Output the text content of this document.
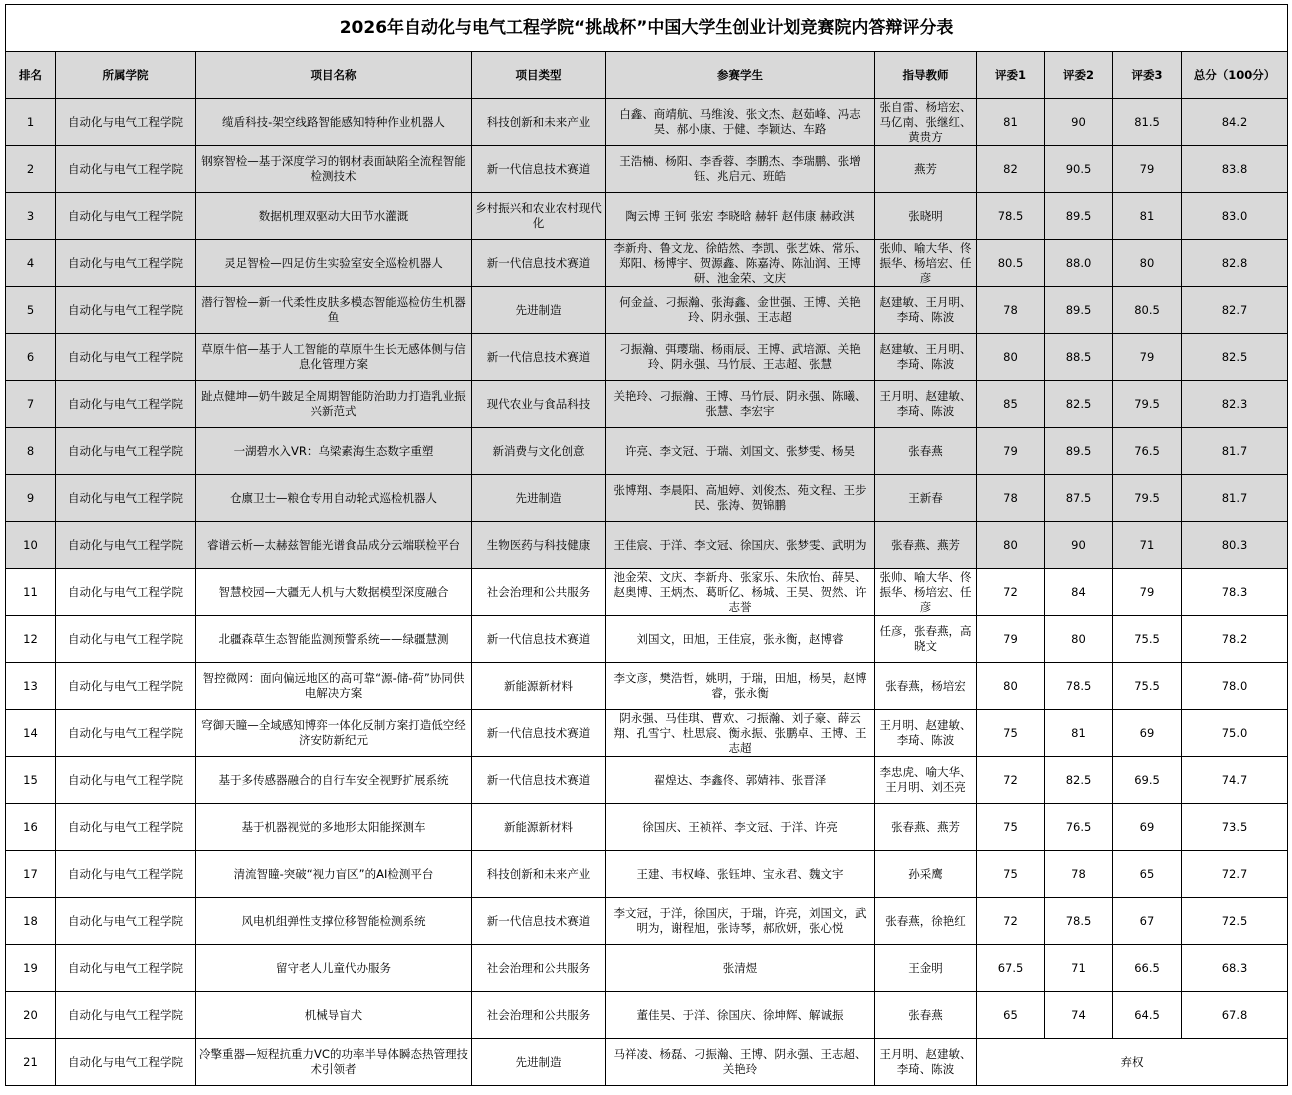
2026年自动化与电气工程学院“挑战杯”中国大学生创业计划竞赛院内答辩评分表									
排名	所属学院	项目名称	项目类型	参赛学生	指导教师	评委1	评委2	评委3	总分（100分）
1	自动化与电气工程学院	缆盾科技-架空线路智能感知特种作业机器人	科技创新和未来产业	白鑫、商靖航、马维浚、张文杰、赵茹峰、冯志昊、郝小康、于健、李颖达、车路	张自雷、杨培宏、马亿南、张继红、黄贵方	81	90	81.5	84.2
2	自动化与电气工程学院	钢察智检—基于深度学习的钢材表面缺陷全流程智能检测技术	新一代信息技术赛道	王浩楠、杨阳、李香蓉、李鹏杰、李瑞鹏、张增钰、兆启元、班皓	燕芳	82	90.5	79	83.8
3	自动化与电气工程学院	数据机理双驱动大田节水灌溉	乡村振兴和农业农村现代化	陶云博 王钶 张宏 李晓晗 赫轩 赵伟康 赫政淇	张晓明	78.5	89.5	81	83.0
4	自动化与电气工程学院	灵足智检—四足仿生实验室安全巡检机器人	新一代信息技术赛道	李新舟、鲁文龙、徐皓然、李凯、张艺姝、常乐、郑阳、杨博宇、贺源鑫、陈嘉涛、陈汕润、王博研、池金荣、文庆	张帅、喻大华、佟振华、杨培宏、任彦	80.5	88.0	80	82.8
5	自动化与电气工程学院	潜行智检—新一代柔性皮肤多模态智能巡检仿生机器鱼	先进制造	何金益、刁振瀚、张海鑫、金世强、王博、关艳玲、阴永强、王志超	赵建敏、王月明、李琦、陈波	78	89.5	80.5	82.7
6	自动化与电气工程学院	草原牛倌—基于人工智能的草原牛生长无感体侧与信息化管理方案	新一代信息技术赛道	刁振瀚、弭璎瑞、杨雨辰、王博、武培源、关艳玲、阴永强、马竹辰、王志超、张慧	赵建敏、王月明、李琦、陈波	80	88.5	79	82.5
7	自动化与电气工程学院	趾点健坤—奶牛跛足全周期智能防治助力打造乳业振兴新范式	现代农业与食品科技	关艳玲、刁振瀚、王博、马竹辰、阴永强、陈曦、张慧、李宏宇	王月明、赵建敏、李琦、陈波	85	82.5	79.5	82.3
8	自动化与电气工程学院	一湖碧水入VR：乌梁素海生态数字重塑	新消费与文化创意	许亮、李文冠、于瑞、刘国文、张梦雯、杨昊	张春燕	79	89.5	76.5	81.7
9	自动化与电气工程学院	仓廪卫士—粮仓专用自动轮式巡检机器人	先进制造	张博翔、李晨阳、高旭婷、刘俊杰、苑文程、王步民、张涛、贺锦鹏	王新春	78	87.5	79.5	81.7
10	自动化与电气工程学院	睿谱云析—太赫兹智能光谱食品成分云端联检平台	生物医药与科技健康	王佳宸、于洋、李文冠、徐国庆、张梦雯、武明为	张春燕、燕芳	80	90	71	80.3
11	自动化与电气工程学院	智慧校园—大疆无人机与大数据模型深度融合	社会治理和公共服务	池金荣、文庆、李新舟、张家乐、朱欣怡、薛昊、赵奥博、王炳杰、葛昕亿、杨城、王昊、贺然、许志誉	张帅、喻大华、佟振华、杨培宏、任彦	72	84	79	78.3
12	自动化与电气工程学院	北疆森草生态智能监测预警系统——绿疆慧测	新一代信息技术赛道	刘国文，田旭，王佳宸，张永衡，赵博睿	任彦，张春燕，高晓文	79	80	75.5	78.2
13	自动化与电气工程学院	智控微网：面向偏远地区的高可靠“源-储-荷”协同供电解决方案	新能源新材料	李文彦，樊浩哲，姚明，于瑞，田旭，杨昊，赵博睿，张永衡	张春燕，杨培宏	80	78.5	75.5	78.0
14	自动化与电气工程学院	穹御天瞳—全域感知博弈一体化反制方案打造低空经济安防新纪元	新一代信息技术赛道	阴永强、马佳琪、曹欢、刁振瀚、刘子豪、薛云翔、孔雪宁、杜思宸、衡永振、张鹏卓、王博、王志超	王月明、赵建敏、李琦、陈波	75	81	69	75.0
15	自动化与电气工程学院	基于多传感器融合的自行车安全视野扩展系统	新一代信息技术赛道	翟煌达、李鑫佟、郭婧祎、张晋泽	李忠虎、喻大华、王月明、刘丕亮	72	82.5	69.5	74.7
16	自动化与电气工程学院	基于机器视觉的多地形太阳能探测车	新能源新材料	徐国庆、王祯祥、李文冠、于洋、许亮	张春燕、燕芳	75	76.5	69	73.5
17	自动化与电气工程学院	清流智瞳-突破“视力盲区”的AI检测平台	科技创新和未来产业	王建、韦权峰、张钰坤、宝永君、魏文宇	孙采鹰	75	78	65	72.7
18	自动化与电气工程学院	风电机组弹性支撑位移智能检测系统	新一代信息技术赛道	李文冠，于洋，徐国庆，于瑞，许亮，刘国文，武明为，谢程旭，张诗琴，郝欣妍，张心悦	张春燕，徐艳红	72	78.5	67	72.5
19	自动化与电气工程学院	留守老人儿童代办服务	社会治理和公共服务	张清煜	王金明	67.5	71	66.5	68.3
20	自动化与电气工程学院	机械导盲犬	社会治理和公共服务	董佳昊、于洋、徐国庆、徐坤辉、解诚振	张春燕	65	74	64.5	67.8
21	自动化与电气工程学院	冷擎重器—短程抗重力VC的功率半导体瞬态热管理技术引领者	先进制造	马祥凌、杨磊、刁振瀚、王博、阴永强、王志超、关艳玲	王月明、赵建敏、李琦、陈波	弃权			
